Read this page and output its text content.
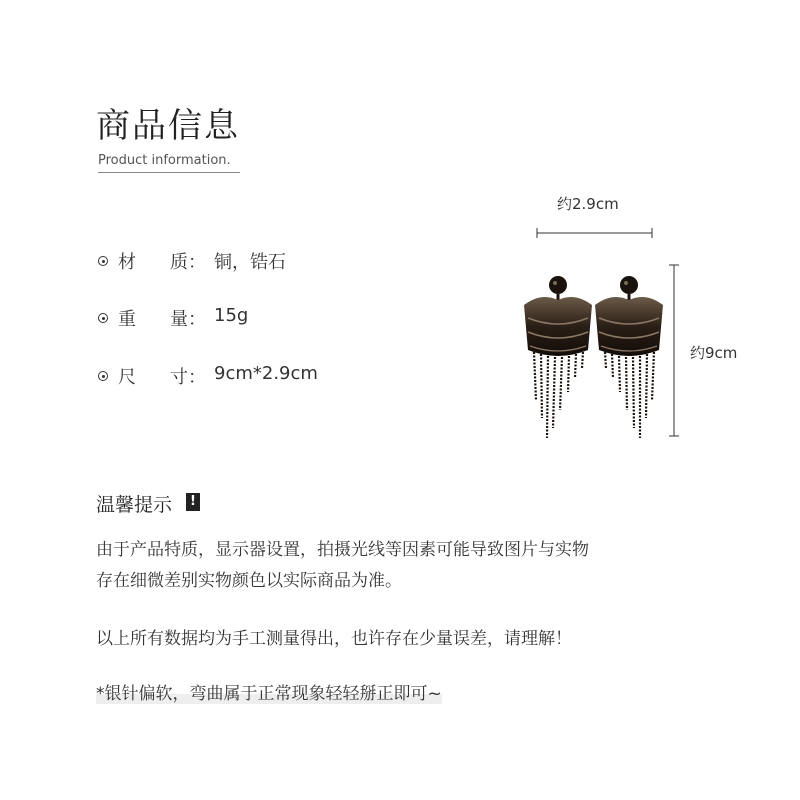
商品信息
Product information.
材 质： 铜，锆石
重 量： 15g
尺 寸： 9cm*2.9cm
约2.9cm
约9cm
温馨提示	!
由于产品特质，显示器设置，拍摄光线等因素可能导致图片与实物
存在细微差别实物颜色以实际商品为准。
以上所有数据均为手工测量得出，也许存在少量误差，请理解！
*银针偏软，弯曲属于正常现象轻轻掰正即可~
